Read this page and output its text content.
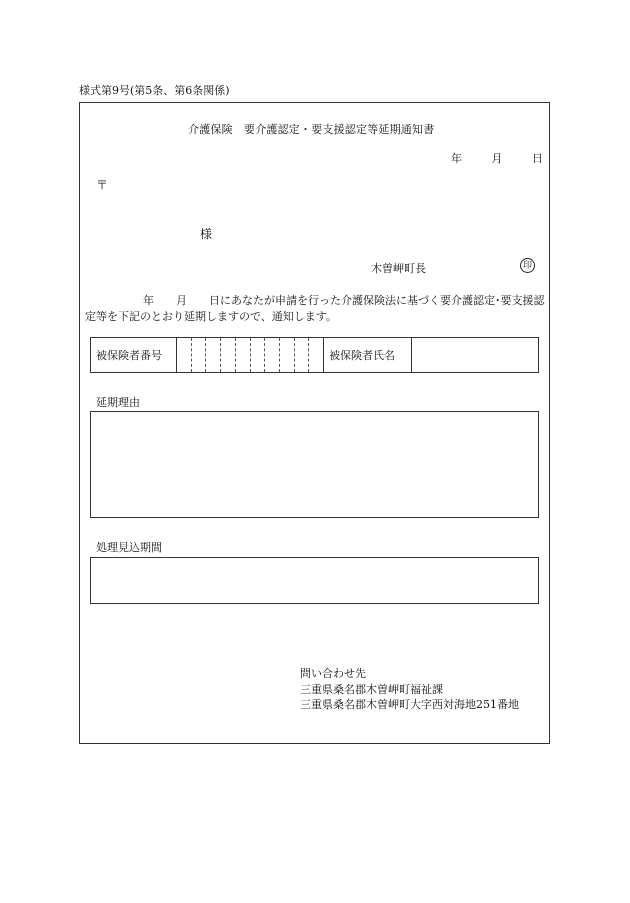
様式第9号(第5条、第6条関係)
介護保険　要介護認定・要支援認定等延期通知書
年	月	日
〒
様
木曽岬町長	印
年 月 日にあなたが申請を行った介護保険法に基づく要介護認定･要支援認定等を下記のとおり延期しますので、通知します。
被保険者番号	被保険者氏名
延期理由
処理見込期間
問い合わせ先
三重県桑名郡木曽岬町福祉課
三重県桑名郡木曽岬町大字西対海地251番地
